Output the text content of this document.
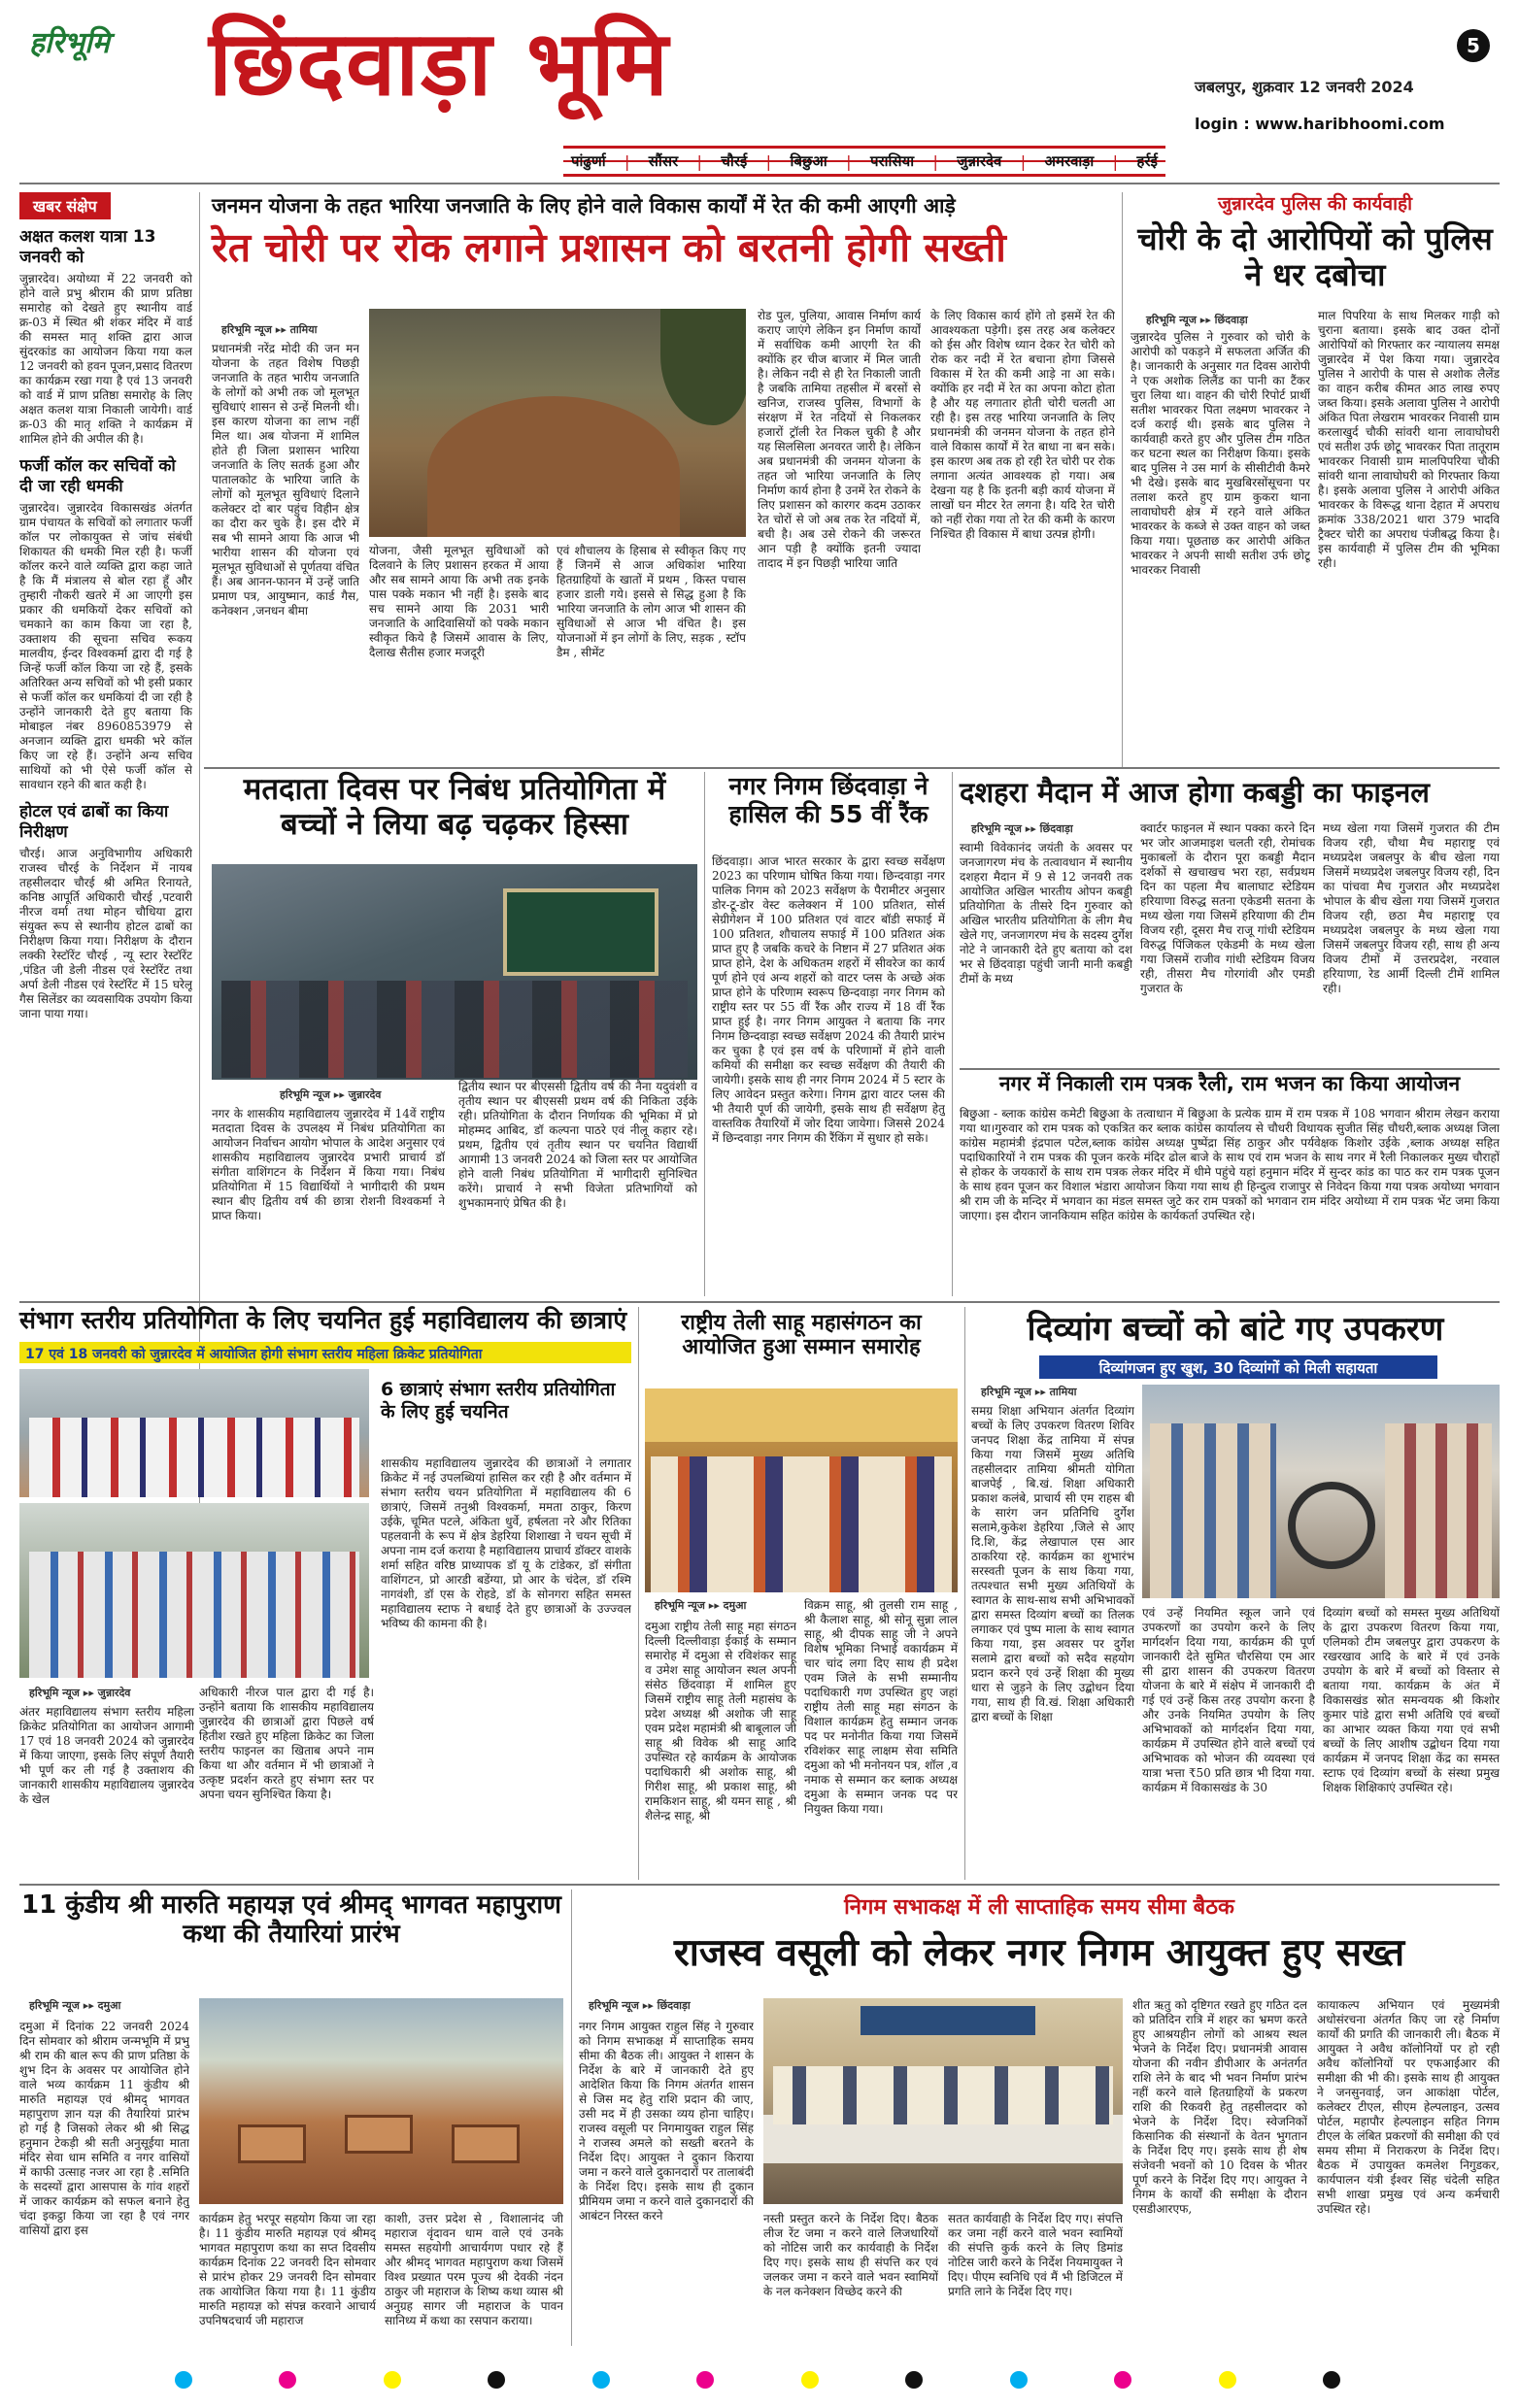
हरिभूमि छिंदवाड़ा भूमि	5
जबलपुर, शुक्रवार 12 जनवरी 2024
login : www.haribhoomi.com
पांढुर्णा | सौंसर | चौरई | बिछुआ | परासिया | जुन्नारदेव | अमरवाड़ा | हर्रई
खबर संक्षेप
अक्षत कलश यात्रा 13 जनवरी को
जुन्नारदेव। अयोध्या में 22 जनवरी को होने वाले प्रभु श्रीराम की प्राण प्रतिष्ठा समारोह को देखते हुए स्थानीय वार्ड क्र-03 में स्थित श्री शंकर मंदिर में वार्ड की समस्त मातृ शक्ति द्वारा आज सुंदरकांड का आयोजन किया गया कल 12 जनवरी को हवन पूजन,प्रसाद वितरण का कार्यक्रम रखा गया है एवं 13 जनवरी को वार्ड में प्राण प्रतिष्ठा समारोह के लिए अक्षत कलश यात्रा निकाली जायेगी। वार्ड क्र-03 की मातृ शक्ति ने कार्यक्रम में शामिल होने की अपील की है।
फर्जी कॉल कर सचिवों को दी जा रही धमकी
जुन्नारदेव। जुन्नारदेव विकासखंड अंतर्गत ग्राम पंचायत के सचिवों को लगातार फर्जी कॉल पर लोकायुक्त से जांच संबंधी शिकायत की धमकी मिल रही है। फर्जी कॉलर करने वाले व्यक्ति द्वारा कहा जाते है कि मैं मंत्रालय से बोल रहा हूँ और तुम्हारी नौकरी खतरे में आ जाएगी इस प्रकार की धमकियों देकर सचिवों को चमकाने का काम किया जा रहा है, उक्ताशय की सूचना सचिव रूकय मालवीय, ईन्दर विश्वकर्मा द्वारा दी गई है जिन्हें फर्जी कॉल किया जा रहे हैं, इसके अतिरिक्त अन्य सचिवों को भी इसी प्रकार से फर्जी कॉल कर धमकियां दी जा रही है उन्होंने जानकारी देते हुए बताया कि मोबाइल नंबर 8960853979 से अनजान व्यक्ति द्वारा धमकी भरे कॉल किए जा रहे हैं। उन्होंने अन्य सचिव साथियों को भी ऐसे फर्जी कॉल से सावधान रहने की बात कही है।
होटल एवं ढाबों का किया निरीक्षण
चौरई। आज अनुविभागीय अधिकारी राजस्व चौरई के निर्देशन में नायब तहसीलदार चौरई श्री अमित रिनायते, कनिष्ठ आपूर्ति अधिकारी चौरई ,पटवारी नीरज वर्मा तथा मोहन चौधिया द्वारा संयुक्त रूप से स्थानीय होटल ढाबों का निरीक्षण किया गया। निरीक्षण के दौरान लक्की रेस्टॉरेंट चौरई , न्यू स्टार रेस्टॉरेंट ,पंडित जी डेली नीडस एवं रेस्टॉरेंट तथा अर्पा डेली नीडस एवं रेस्टॉरेंट में 15 घरेलू गैस सिलेंडर का व्यवसायिक उपयोग किया जाना पाया गया।
जनमन योजना के तहत भारिया जनजाति के लिए होने वाले विकास कार्यों में रेत की कमी आएगी आड़े
रेत चोरी पर रोक लगाने प्रशासन को बरतनी होगी सख्ती
हरिभूमि न्यूज ▸▸ तामिया
प्रधानमंत्री नरेंद्र मोदी की जन मन योजना के तहत विशेष पिछड़ी जनजाति के तहत भारीय जनजाति के लोगों को अभी तक जो मूलभूत सुविधाएं शासन से उन्हें मिलनी थी। इस कारण योजना का लाभ नहीं मिल था। अब योजना में शामिल होते ही जिला प्रशासन भारिया जनजाति के लिए सतर्क हुआ और पातालकोट के भारिया जाति के लोगों को मूलभूत सुविधाएं दिलाने कलेक्टर दो बार पहुंच विहीन क्षेत्र का दौरा कर चुके है। इस दौरे में सब भी सामने आया कि आज भी भारीया शासन की योजना एवं मूलभूत सुविधाओं से पूर्णतया वंचित हैं। अब आनन-फानन में उन्हें जाति प्रमाण पत्र, आयुष्मान, कार्ड गैस, कनेक्शन ,जनधन बीमा
योजना, जैसी मूलभूत सुविधाओं को दिलवाने के लिए प्रशासन हरकत में आया और सब सामने आया कि अभी तक इनके पास पक्के मकान भी नहीं है। इसके बाद सच सामने आया कि 2031 भारी जनजाति के आदिवासियों को पक्के मकान स्वीकृत किये है जिसमें आवास के लिए, दैलाख सैतीस हजार मजदूरी
एवं शौचालय के हिसाब से स्वीकृत किए गए हैं जिनमें से आज अधिकांश भारिया हितग्राहियों के खातों में प्रथम , किस्त पचास हजार डाली गये। इससे से सिद्ध हुआ है कि भारिया जनजाति के लोग आज भी शासन की सुविधाओं से आज भी वंचित है। इस योजनाओं में इन लोगों के लिए, सड़क , स्टॉप डैम , सीमेंट
रोड पुल, पुलिया, आवास निर्माण कार्य कराए जाएंगे लेकिन इन निर्माण कार्यों में सर्वाधिक कमी आएगी रेत की क्योंकि हर चीज बाजार में मिल जाती है। लेकिन नदी से ही रेत निकाली जाती है जबकि तामिया तहसील में बरसों से खनिज, राजस्व पुलिस, विभागों के संरक्षण में रेत नदियों से निकलकर हजारों ट्रॉली रेत निकल चुकी है और यह सिलसिला अनवरत जारी है। लेकिन अब प्रधानमंत्री की जनमन योजना के तहत जो भारिया जनजाति के लिए निर्माण कार्य होना है उनमें रेत रोकने के लिए प्रशासन को कारगर कदम उठाकर रेत चोरों से जो अब तक रेत नदियों में, बची है। अब उसे रोकने की जरूरत आन पड़ी है क्योंकि इतनी ज्यादा तादाद में इन पिछड़ी भारिया जाति
के लिए विकास कार्य होंगे तो इसमें रेत की आवश्यकता पड़ेगी। इस तरह अब कलेक्टर को ईस और विशेष ध्यान देकर रेत चोरी को रोक कर नदी में रेत बचाना होगा जिससे विकास में रेत की कमी आड़े ना आ सके। क्योंकि हर नदी में रेत का अपना कोटा होता है और यह लगातार होती चोरी चलती आ रही है। इस तरह भारिया जनजाति के लिए प्रधानमंत्री की जनमन योजना के तहत होने वाले विकास कार्यों में रेत बाधा ना बन सके। इस कारण अब तक हो रही रेत चोरी पर रोक लगाना अत्यंत आवश्यक हो गया। अब देखना यह है कि इतनी बड़ी कार्य योजना में लाखों घन मीटर रेत लगना है। यदि रेत चोरी को नहीं रोका गया तो रेत की कमी के कारण निश्चित ही विकास में बाधा उत्पन्न होगी।
जुन्नारदेव पुलिस की कार्यवाही
चोरी के दो आरोपियों को पुलिस ने धर दबोचा
हरिभूमि न्यूज ▸▸ छिंदवाड़ा
जुन्नारदेव पुलिस ने गुरुवार को चोरी के आरोपी को पकड़ने में सफलता अर्जित की है। जानकारी के अनुसार गत दिवस आरोपी ने एक अशोक लिलैंड का पानी का टैंकर चुरा लिया था। वाहन की चोरी रिपोर्ट प्रार्थी सतीश भावरकर पिता लक्ष्मण भावरकर ने दर्ज कराई थी। इसके बाद पुलिस ने कार्यवाही करते हुए और पुलिस टीम गठित कर घटना स्थल का निरीक्षण किया। इसके बाद पुलिस ने उस मार्ग के सीसीटीवी कैमरे भी देखे। इसके बाद मुखबिरसोंसूचना पर तलाश करते हुए ग्राम कुकरा थाना लावाघोघरी क्षेत्र में रहने वाले अंकित भावरकर के कब्जे से उक्त वाहन को जब्त किया गया। पूछताछ कर आरोपी अंकित भावरकर ने अपनी साथी सतीश उर्फ छोटू भावरकर निवासी
माल पिपरिया के साथ मिलकर गाड़ी को चुराना बताया। इसके बाद उक्त दोनों आरोपियों को गिरफ्तार कर न्यायालय समक्ष जुन्नारदेव में पेश किया गया। जुन्नारदेव पुलिस ने आरोपी के पास से अशोक लैलेंड का वाहन करीब कीमत आठ लाख रुपए जब्त किया। इसके अलावा पुलिस ने आरोपी अंकित पिता लेखराम भावरकर निवासी ग्राम करलाखुर्द चौकी सांवरी थाना लावाघोघरी एवं सतीश उर्फ छोटू भावरकर पिता तातूराम भावरकर निवासी ग्राम मालपिपरिया चौकी सांवरी थाना लावाघोघरी को गिरफ्तार किया है। इसके अलावा पुलिस ने आरोपी अंकित भावरकर के विरूद्ध थाना देहात में अपराध क्रमांक 338/2021 धारा 379 भादवि ट्रैक्टर चोरी का अपराध पंजीबद्ध किया है। इस कार्यवाही में पुलिस टीम की भूमिका रही।
मतदाता दिवस पर निबंध प्रतियोगिता में बच्चों ने लिया बढ़ चढ़कर हिस्सा
हरिभूमि न्यूज ▸▸ जुन्नारदेव
नगर के शासकीय महाविद्यालय जुन्नारदेव में 14वें राष्ट्रीय मतदाता दिवस के उपलक्ष्य में निबंध प्रतियोगिता का आयोजन निर्वाचन आयोग भोपाल के आदेश अनुसार एवं शासकीय महाविद्यालय जुन्नारदेव प्रभारी प्राचार्य डॉ संगीता वाशिंगटन के निर्देशन में किया गया। निबंध प्रतियोगिता में 15 विद्यार्थियों ने भागीदारी की प्रथम स्थान बीए द्वितीय वर्ष की छात्रा रोशनी विश्वकर्मा ने प्राप्त किया।
द्वितीय स्थान पर बीएससी द्वितीय वर्ष की नैना यदुवंशी व तृतीय स्थान पर बीएससी प्रथम वर्ष की निकिता उईके रही। प्रतियोगिता के दौरान निर्णायक की भूमिका में प्रो मोहम्मद आबिद, डॉ कल्पना पाठरे एवं नीलू कहार रहे। प्रथम, द्वितीय एवं तृतीय स्थान पर चयनित विद्यार्थी आगामी 13 जनवरी 2024 को जिला स्तर पर आयोजित होने वाली निबंध प्रतियोगिता में भागीदारी सुनिश्चित करेंगे। प्राचार्य ने सभी विजेता प्रतिभागियों को शुभकामनाएं प्रेषित की है।
नगर निगम छिंदवाड़ा ने हासिल की 55 वीं रैंक
छिंदवाड़ा। आज भारत सरकार के द्वारा स्वच्छ सर्वेक्षण 2023 का परिणाम घोषित किया गया। छिन्दवाड़ा नगर पालिक निगम को 2023 सर्वेक्षण के पैरामीटर अनुसार डोर-टू-डोर वेस्ट कलेक्शन में 100 प्रतिशत, सोर्स सेग्रीगेशन में 100 प्रतिशत एवं वाटर बॉडी सफाई में 100 प्रतिशत, शौचालय सफाई में 100 प्रतिशत अंक प्राप्त हुए है जबकि कचरे के निष्टान में 27 प्रतिशत अंक प्राप्त होने, देश के अधिकतम शहरों में सीवरेज का कार्य पूर्ण होने एवं अन्य शहरों को वाटर प्लस के अच्छे अंक प्राप्त होने के परिणाम स्वरूप छिन्दवाड़ा नगर निगम को राष्ट्रीय स्तर पर 55 वीं रैंक और राज्य में 18 वीं रैंक प्राप्त हुई है। नगर निगम आयुक्त ने बताया कि नगर निगम छिन्दवाड़ा स्वच्छ सर्वेक्षण 2024 की तैयारी प्रारंभ कर चुका है एवं इस वर्ष के परिणामों में होने वाली कमियों की समीक्षा कर स्वच्छ सर्वेक्षण की तैयारी की जायेगी। इसके साथ ही नगर निगम 2024 में 5 स्टार के लिए आवेदन प्रस्तुत करेगा। निगम द्वारा वाटर प्लस की भी तैयारी पूर्ण की जायेगी, इसके साथ ही सर्वेक्षण हेतु वास्तविक तैयारियों में जोर दिया जायेगा। जिससे 2024 में छिन्दवाड़ा नगर निगम की रैंकिंग में सुधार हो सके।
दशहरा मैदान में आज होगा कबड्डी का फाइनल
हरिभूमि न्यूज ▸▸ छिंदवाड़ा
स्वामी विवेकानंद जयंती के अवसर पर जनजागरण मंच के तत्वावधान में स्थानीय दशहरा मैदान में 9 से 12 जनवरी तक आयोजित अखिल भारतीय ओपन कबड्डी प्रतियोगिता के तीसरे दिन गुरुवार को अखिल भारतीय प्रतियोगिता के लीग मैच खेले गए, जनजागरण मंच के सदस्य दुर्गेश नोटे ने जानकारी देते हुए बताया को दश भर से छिंदवाड़ा पहुंची जानी मानी कबड्डी टीमों के मध्य
क्वार्टर फाइनल में स्थान पक्का करने दिन भर जोर आजमाइश चलती रही, रोमांचक मुकाबलों के दौरान पूरा कबड्डी मैदान दर्शकों से खचाखच भरा रहा, सर्वप्रथम दिन का पहला मैच बालाघाट स्टेडियम हरियाणा विरुद्ध सतना एकेडमी सतना के मध्य खेला गया जिसमें हरियाणा की टीम विजय रही, दूसरा मैच राजू गांधी स्टेडियम विरुद्ध पिंजिकल एकेडमी के मध्य खेला गया जिसमें राजीव गांधी स्टेडियम विजय रही, तीसरा मैच गोरगांवी और एमडी गुजरात के
मध्य खेला गया जिसमें गुजरात की टीम विजय रही, चौथा मैच महाराष्ट्र एवं मध्यप्रदेश जबलपुर के बीच खेला गया जिसमें मध्यप्रदेश जबलपुर विजय रही, दिन का पांचवा मैच गुजरात और मध्यप्रदेश भोपाल के बीच खेला गया जिसमें गुजरात विजय रही, छठा मैच महाराष्ट्र एव मध्यप्रदेश जबलपुर के मध्य खेला गया जिसमें जबलपुर विजय रही, साथ ही अन्य विजय टीमों में उत्तरप्रदेश, नरवाल हरियाणा, रेड आर्मी दिल्ली टीमें शामिल रही।
नगर में निकाली राम पत्रक रैली, राम भजन का किया आयोजन
बिछुआ - ब्लाक कांग्रेस कमेटी बिछुआ के तत्वाधान में बिछुआ के प्रत्येक ग्राम में राम पत्रक में 108 भगवान श्रीराम लेखन कराया गया था।गुरुवार को राम पत्रक को एकत्रित कर ब्लाक कांग्रेस कार्यालय से चौधरी विधायक सुजीत सिंह चौधरी,ब्लाक अध्यक्ष जिला कांग्रेस महामंत्री इंद्रपाल पटेल,ब्लाक कांग्रेस अध्यक्ष पुष्पेंद्रा सिंह ठाकुर और पर्यवेक्षक किशोर उईके ,ब्लाक अध्यक्ष सहित पदाधिकारियों ने राम पत्रक की पूजन करके मंदिर ढोल बाजे के साथ एवं राम भजन के साथ नगर में रैली निकालकर मुख्य चौराहों से होकर के जयकारों के साथ राम पत्रक लेकर मंदिर में धीमे पहुंचे यहां हनुमान मंदिर में सुन्दर कांड का पाठ कर राम पत्रक पूजन के साथ हवन पूजन कर विशाल भंडारा आयोजन किया गया साथ ही हिन्दुत्व राजापुर से निवेदन किया गया पत्रक अयोध्या भगवान श्री राम जी के मन्दिर में भगवान का मंडल समस्त जुटे कर राम पत्रकों को भगवान राम मंदिर अयोध्या में राम पत्रक भेंट जमा किया जाएगा। इस दौरान जानकियाम सहित कांग्रेस के कार्यकर्ता उपस्थित रहे।
संभाग स्तरीय प्रतियोगिता के लिए चयनित हुई महाविद्यालय की छात्राएं
17 एवं 18 जनवरी को जुन्नारदेव में आयोजित होगी संभाग स्तरीय महिला क्रिकेट प्रतियोगिता
6 छात्राएं संभाग स्तरीय प्रतियोगिता के लिए हुई चयनित
शासकीय महाविद्यालय जुन्नारदेव की छात्राओं ने लगातार क्रिकेट में नई उपलब्धियां हासिल कर रही है और वर्तमान में संभाग स्तरीय चयन प्रतियोगिता में महाविद्यालय की 6 छात्राएं, जिसमें तनुश्री विश्वकर्मा, ममता ठाकुर, किरण उईके, चूमित पटले, अंकिता धुर्वे, हर्षलता नरे और रितिका पहलवानी के रूप में क्षेत्र डेहरिया शिशाखा ने चयन सूची में अपना नाम दर्ज कराया है महाविद्यालय प्राचार्य डॉक्टर वाशके शर्मा सहित वरिष्ठ प्राध्यापक डॉ यू के टांडेकर, डॉ संगीता वाशिंगटन, प्रो आरडी बडेंग्या, प्रो आर के चंदेल, डॉ रश्मि नागवंशी, डॉ एस के रोहडे, डॉ के सोनगरा सहित समस्त महाविद्यालय स्टाफ ने बधाई देते हुए छात्राओं के उज्ज्वल भविष्य की कामना की है।
हरिभूमि न्यूज ▸▸ जुन्नारदेव
अंतर महाविद्यालय संभाग स्तरीय महिला क्रिकेट प्रतियोगिता का आयोजन आगामी 17 एवं 18 जनवरी 2024 को जुन्नारदेव में किया जाएगा, इसके लिए संपूर्ण तैयारी भी पूर्ण कर ली गई है उक्ताशय की जानकारी शासकीय महाविद्यालय जुन्नारदेव के खेल
अधिकारी नीरज पाल द्वारा दी गई है। उन्होंने बताया कि शासकीय महाविद्यालय जुन्नारदेव की छात्राओं द्वारा पिछले वर्ष हितीश रखते हुए महिला क्रिकेट का जिला स्तरीय फाइनल का खिताब अपने नाम किया था और वर्तमान में भी छात्राओं ने उत्कृष्ट प्रदर्शन करते हुए संभाग स्तर पर अपना चयन सुनिश्चित किया है।
राष्ट्रीय तेली साहू महासंगठन का आयोजित हुआ सम्मान समारोह
हरिभूमि न्यूज ▸▸ दमुआ
दमुआ राष्ट्रीय तेली साहू महा संगठन दिल्ली दिल्लीवाड़ा ईकाई के सम्मान समारोह में दमुआ से रविशंकर साहू व उमेश साहू आयोजन स्थल अपनी संसेठ छिंदवाड़ा में शामिल हुए जिसमें राष्ट्रीय साहू तेली महासंघ के प्रदेश अध्यक्ष श्री अशोक जी साहू एवम प्रदेश महामंत्री श्री बाबूलाल जी साहू श्री विवेक श्री साहू आदि उपस्थित रहे कार्यक्रम के आयोजक पदाधिकारी श्री अशोक साहू, श्री गिरीश साहू, श्री प्रकाश साहू, श्री रामकिशन साहू, श्री यमन साहू , श्री शैलेन्द्र साहू, श्री
विक्रम साहू, श्री तुलसी राम साहू , श्री कैलाश साहू, श्री सोनू सुन्ना लाल साहू, श्री दीपक साहू जी ने अपने विशेष भूमिका निभाई वकार्यक्रम में चार चांद लगा दिए साथ ही प्रदेश एवम जिले के सभी सम्मानीय पदाधिकारी गण उपस्थित हुए जहां राष्ट्रीय तेली साहू महा संगठन के विशाल कार्यक्रम हेतु सम्मान जनक पद पर मनोनीत किया गया जिसमें रविशंकर साहू लाक्षम सेवा समिति दमुआ को भी मनोनयन पत्र, शॉल ,व नमाक से सम्मान कर ब्लाक अध्यक्ष दमुआ के सम्मान जनक पद पर नियुक्त किया गया।
दिव्यांग बच्चों को बांटे गए उपकरण
दिव्यांगजन हुए खुश, 30 दिव्यांगों को मिली सहायता
हरिभूमि न्यूज ▸▸ तामिया
समग्र शिक्षा अभियान अंतर्गत दिव्यांग बच्चों के लिए उपकरण वितरण शिविर जनपद शिक्षा केंद्र तामिया में संपन्न किया गया जिसमें मुख्य अतिथि तहसीलदार तामिया श्रीमती योगिता बाजपेई , बि.खं. शिक्षा अधिकारी प्रकाश कलंबे, प्राचार्य सी एम राहस बी के सारंग जन प्रतिनिधि दुर्गेश सलामे,कुकेश डेहरिया ,जिले से आए दि.शि, केंद्र लेखापाल एस आर ठाकरिया रहे. कार्यक्रम का शुभारंभ सरस्वती पूजन के साथ किया गया, तत्पश्चात सभी मुख्य अतिथियों के स्वागत के साथ-साथ सभी अभिभावकों द्वारा समस्त दिव्यांग बच्चों का तिलक लगाकर एवं पुष्प माला के साथ स्वागत किया गया, इस अवसर पर दुर्गेश सलामे द्वारा बच्चों को सदैव सहयोग प्रदान करने एवं उन्हें शिक्षा की मुख्य धारा से जुड़ने के लिए उद्बोधन दिया गया, साथ ही वि.खं. शिक्षा अधिकारी द्वारा बच्चों के शिक्षा
एवं उन्हें नियमित स्कूल जाने एवं उपकरणों का उपयोग करने के लिए मार्गदर्शन दिया गया, कार्यक्रम की पूर्ण जानकारी देते सुमित चौरसिया एम आर सी द्वारा शासन की उपकरण वितरण योजना के बारे में संक्षेप में जानकारी दी गई एवं उन्हें किस तरह उपयोग करना है और उनके नियमित उपयोग के लिए अभिभावकों को मार्गदर्शन दिया गया, कार्यक्रम में उपस्थित होने वाले बच्चों एवं अभिभावक को भोजन की व्यवस्था एवं यात्रा भत्ता ₹50 प्रति छात्र भी दिया गया. कार्यक्रम में विकासखंड के 30
दिव्यांग बच्चों को समस्त मुख्य अतिथियों के द्वारा उपकरण वितरण किया गया, एलिमको टीम जबलपुर द्वारा उपकरण के रखरखाव आदि के बारे में एवं उनके उपयोग के बारे में बच्चों को विस्तार से बताया गया. कार्यक्रम के अंत में विकासखंड स्रोत समन्वयक श्री किशोर कुमार पांडे द्वारा सभी अतिथि एवं बच्चों का आभार व्यक्त किया गया एवं सभी बच्चों के लिए आशीष उद्बोधन दिया गया कार्यक्रम में जनपद शिक्षा केंद्र का समस्त स्टाफ एवं दिव्यांग बच्चों के संस्था प्रमुख शिक्षक शिक्षिकाएं उपस्थित रहे।
11 कुंडीय श्री मारुति महायज्ञ एवं श्रीमद् भागवत महापुराण कथा की तैयारियां प्रारंभ
हरिभूमि न्यूज ▸▸ दमुआ
दमुआ में दिनांक 22 जनवरी 2024 दिन सोमवार को श्रीराम जन्मभूमि में प्रभु श्री राम की बाल रूप की प्राण प्रतिष्ठा के शुभ दिन के अवसर पर आयोजित होने वाले भव्य कार्यक्रम 11 कुंडीय श्री मारुति महायज्ञ एवं श्रीमद् भागवत महापुराण ज्ञान यज्ञ की तैयारियां प्रारंभ हो गई है जिसको लेकर श्री श्री सिद्ध हनुमान टेकड़ी श्री सती अनुसूईया माता मंदिर सेवा धाम समिति व नगर वासियों में काफी उत्साह नजर आ रहा है .समिति के सदस्यों द्वारा आसपास के गांव शहरों में जाकर कार्यक्रम को सफल बनाने हेतु चंदा इकट्ठा किया जा रहा है एवं नगर वासियों द्वारा इस
कार्यक्रम हेतु भरपूर सहयोग किया जा रहा है। 11 कुंडीय मारुति महायज्ञ एवं श्रीमद् भागवत महापुराण कथा का सप्त दिवसीय कार्यक्रम दिनांक 22 जनवरी दिन सोमवार से प्रारंभ होकर 29 जनवरी दिन सोमवार तक आयोजित किया गया है। 11 कुंडीय मारुति महायज्ञ को संपन्न करवाने आचार्य उपनिषदचार्य जी महाराज
काशी, उत्तर प्रदेश से , विशालानंद जी महाराज वृंदावन धाम वाले एवं उनके समस्त सहयोगी आचार्यगण पधार रहे हैं और श्रीमद् भागवत महापुराण कथा जिसमें विश्व प्रख्यात परम पूज्य श्री देवकी नंदन ठाकुर जी महाराज के शिष्य कथा व्यास श्री अनुग्रह सागर जी महाराज के पावन सानिध्य में कथा का रसपान कराया।
निगम सभाकक्ष में ली साप्ताहिक समय सीमा बैठक
राजस्व वसूली को लेकर नगर निगम आयुक्त हुए सख्त
हरिभूमि न्यूज ▸▸ छिंदवाड़ा
नगर निगम आयुक्त राहुल सिंह ने गुरुवार को निगम सभाकक्ष में साप्ताहिक समय सीमा की बैठक ली। आयुक्त ने शासन के निर्देश के बारे में जानकारी देते हुए आदेशित किया कि निगम अंतर्गत शासन से जिस मद हेतु राशि प्रदान की जाए, उसी मद में ही उसका व्यय होना चाहिए। राजस्व वसूली पर निगमायुक्त राहुल सिंह ने राजस्व अमले को सख्ती बरतने के निर्देश दिए। आयुक्त ने दुकान किराया जमा न करने वाले दुकानदारों पर तालाबंदी के निर्देश दिए। इसके साथ ही दुकान प्रीमियम जमा न करने वाले दुकानदारों की आबंटन निरस्त करने	नस्ती प्रस्तुत करने के निर्देश दिए। बैठक लीज रेंट जमा न करने वाले लिजधारियों को नोटिस जारी कर कार्यवाही के निर्देश दिए गए। इसके साथ ही संपत्ति कर एवं जलकर जमा न करने वाले भवन स्वामियों के नल कनेक्शन विच्छेद करने की
सतत कार्यवाही के निर्देश दिए गए। संपत्ति कर जमा नहीं करने वाले भवन स्वामियों की संपत्ति कुर्क करने के लिए डिमांड नोटिस जारी करने के निर्देश नियमायुक्त ने दिए। पीएम स्वनिधि एवं मैं भी डिजिटल में प्रगति लाने के निर्देश दिए गए।
शीत ऋतु को दृष्टिगत रखते हुए गठित दल को प्रतिदिन रात्रि में शहर का भ्रमण करते हुए आश्रयहीन लोगों को आश्रय स्थल भेजने के निर्देश दिए। प्रधानमंत्री आवास योजना की नवीन डीपीआर के अनंतर्गत राशि लेने के बाद भी भवन निर्माण प्रारंभ नहीं करने वाले हितग्राहियों के प्रकरण राशि की रिकवरी हेतु तहसीलदार को भेजने के निर्देश दिए। स्वेजनिकों किसानिक की संस्थानों के वेतन भुगतान के निर्देश दिए गए। इसके साथ ही शेष संजेवनी भवनों को 10 दिवस के भीतर पूर्ण करने के निर्देश दिए गए। आयुक्त ने निगम के कार्यों की समीक्षा के दौरान एसडीआरएफ,
कायाकल्प अभियान एवं मुख्यमंत्री अधोसंरचना अंतर्गत किए जा रहे निर्माण कार्यों की प्रगति की जानकारी ली। बैठक में आयुक्त ने अवैध कॉलोनियों पर हो रही अवैध कॉलोनियों पर एफआईआर की समीक्षा की भी की। इसके साथ ही आयुक्त ने जनसुनवाई, जन आकांक्षा पोर्टल, कलेक्टर टीएल, सीएम हेल्पलाइन, उत्सव पोर्टल, महापौर हेल्पलाइन सहित निगम टीएल के लंबित प्रकरणों की समीक्षा की एवं समय सीमा में निराकरण के निर्देश दिए। बैठक में उपायुक्त कमलेश निगुडकर, कार्यपालन यंत्री ईश्वर सिंह चंदेली सहित सभी शाखा प्रमुख एवं अन्य कर्मचारी उपस्थित रहे।
